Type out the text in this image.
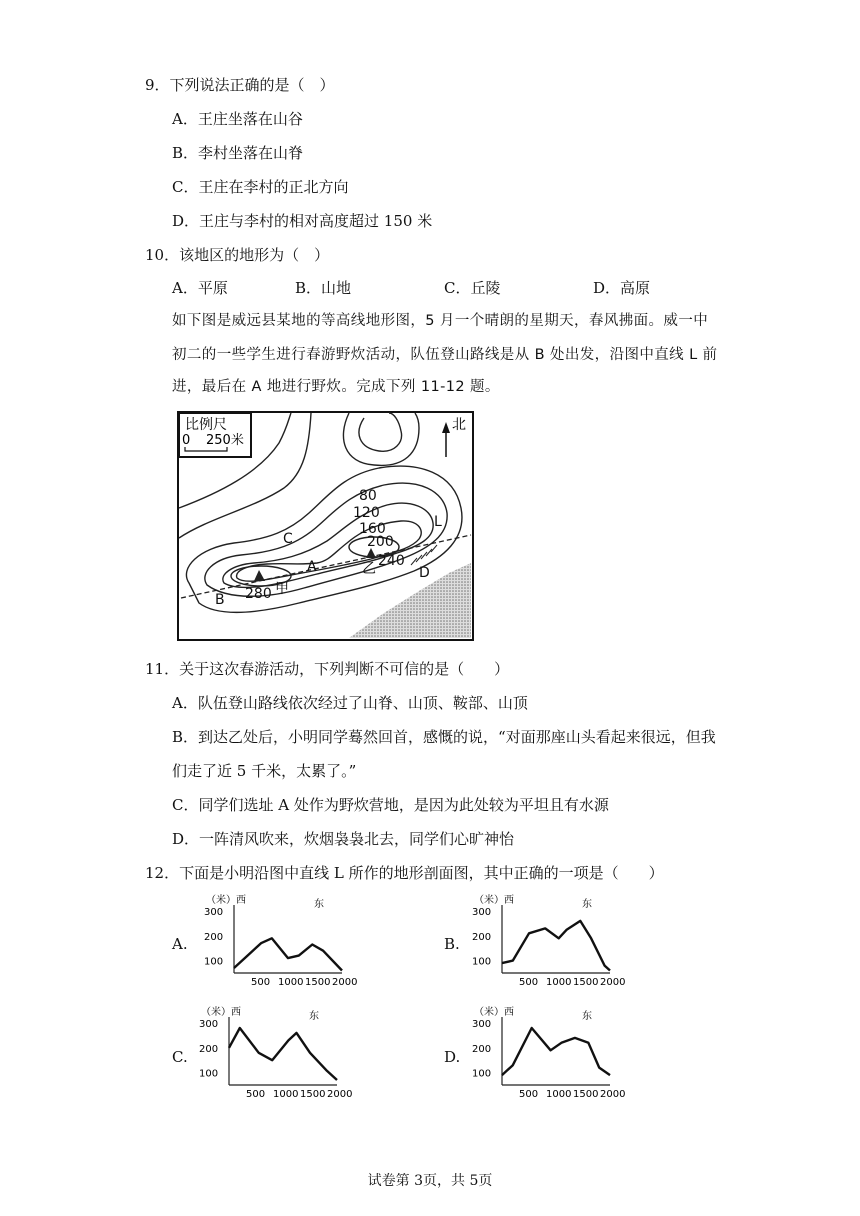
9．下列说法正确的是（　）
A．王庄坐落在山谷
B．李村坐落在山脊
C．王庄在李村的正北方向
D．王庄与李村的相对高度超过 150 米
10．该地区的地形为（　）
A．平原	B．山地	C．丘陵	D．高原
如下图是威远县某地的等高线地形图，5 月一个晴朗的星期天，春风拂面。威一中
初二的一些学生进行春游野炊活动，队伍登山路线是从 B 处出发，沿图中直线 L 前
进，最后在 A 地进行野炊。完成下列 11-12 题。
比例尺
0 250米
北
80
120
160
200
240
280
A
B
C
D
L
乙
甲
11．关于这次春游活动，下列判断不可信的是（　　）
A．队伍登山路线依次经过了山脊、山顶、鞍部、山顶
B．到达乙处后，小明同学蓦然回首，感慨的说，“对面那座山头看起来很远，但我
们走了近 5 千米，太累了。”
C．同学们选址 A 处作为野炊营地，是因为此处较为平坦且有水源
D．一阵清风吹来，炊烟袅袅北去，同学们心旷神怡
12．下面是小明沿图中直线 L 所作的地形剖面图，其中正确的一项是（　　）
A.
（米）西	东
300
200
100
500 1000 1500 2000
B.
（米）西	东
300
200
100
500 1000 1500 2000
C.
（米）西	东
300
200
100
500 1000 1500 2000
D.
（米）西	东
300
200
100
500 1000 1500 2000
试卷第 3页，共 5页
